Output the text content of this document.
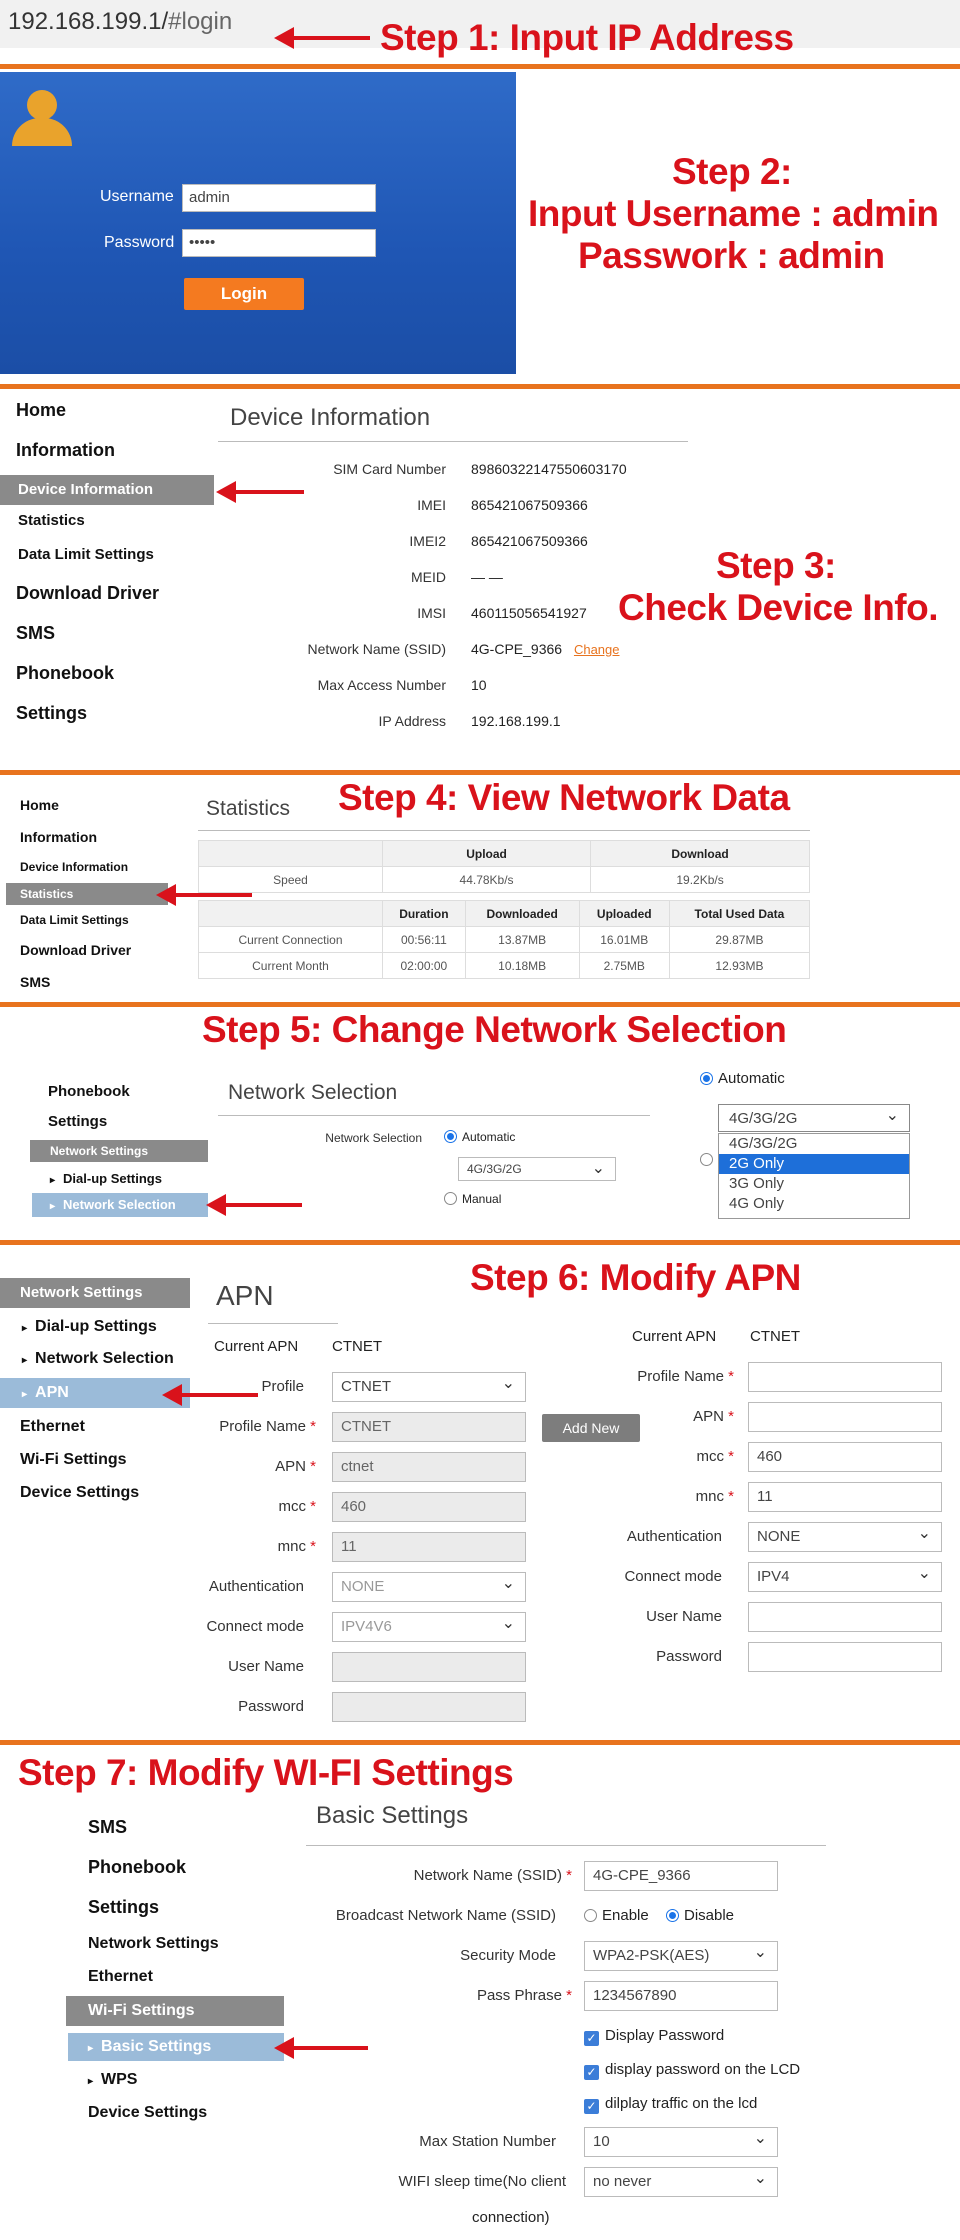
192.168.199.1/#login	Step 1: Input IP Address
Username	admin
Password •••••
Login
Step 2:
Input Username : admin
Passwork : admin
Home
Information
Device Information
Statistics
Data Limit Settings
Download Driver
SMS
Phonebook
Settings
Device Information
SIM Card Number 89860322147550603170
IMEI 865421067509366
IMEI2 865421067509366
MEID — —
IMSI 460115056541927
Network Name (SSID) 4G-CPE_9366 Change
Max Access Number 10
IP Address 192.168.199.1
Step 3:
Check Device Info.
Home
Information
Device Information
Statistics
Data Limit Settings
Download Driver
SMS
Statistics Step 4: View Network Data
	Upload	Download
Speed	44.78Kb/s	19.2Kb/s
	Duration	Downloaded	Uploaded	Total Used Data
Current Connection	00:56:11	13.87MB	16.01MB	29.87MB
Current Month	02:00:00	10.18MB	2.75MB	12.93MB
Step 5: Change Network Selection
Phonebook
Settings
Network Settings
▸ Dial-up Settings
▸ Network Selection
Network Selection
Network Selection	Automatic
4G/3G/2G ⌄
Manual
Automatic
4G/3G/2G ⌄
4G/3G/2G
2G Only
3G Only
4G Only
Network Settings
▸ Dial-up Settings
▸ Network Selection
▸ APN
Ethernet
Wi-Fi Settings
Device Settings
APN	Step 6: Modify APN
Current APN CTNET
Profile	CTNET ⌄
Profile Name *	CTNET
APN *	ctnet
mcc *	460
mnc *	11
Authentication	NONE ⌄
Connect mode	IPV4V6 ⌄
User Name
Password
Add New
Current APN CTNET
Profile Name *
APN *
mcc *	460
mnc *	11
Authentication	NONE ⌄
Connect mode	IPV4 ⌄
User Name
Password
Step 7: Modify WI-FI Settings
SMS
Phonebook
Settings
Network Settings
Ethernet
Wi-Fi Settings
▸ Basic Settings
▸ WPS
Device Settings
Basic Settings
Network Name (SSID) *	4G-CPE_9366
Broadcast Network Name (SSID)	Enable	Disable
Security Mode	WPA2-PSK(AES) ⌄
Pass Phrase *	1234567890
✓ Display Password
✓ display password on the LCD
✓ dilplay traffic on the lcd
Max Station Number	10 ⌄
WIFI sleep time(No client
connection)
no never ⌄
